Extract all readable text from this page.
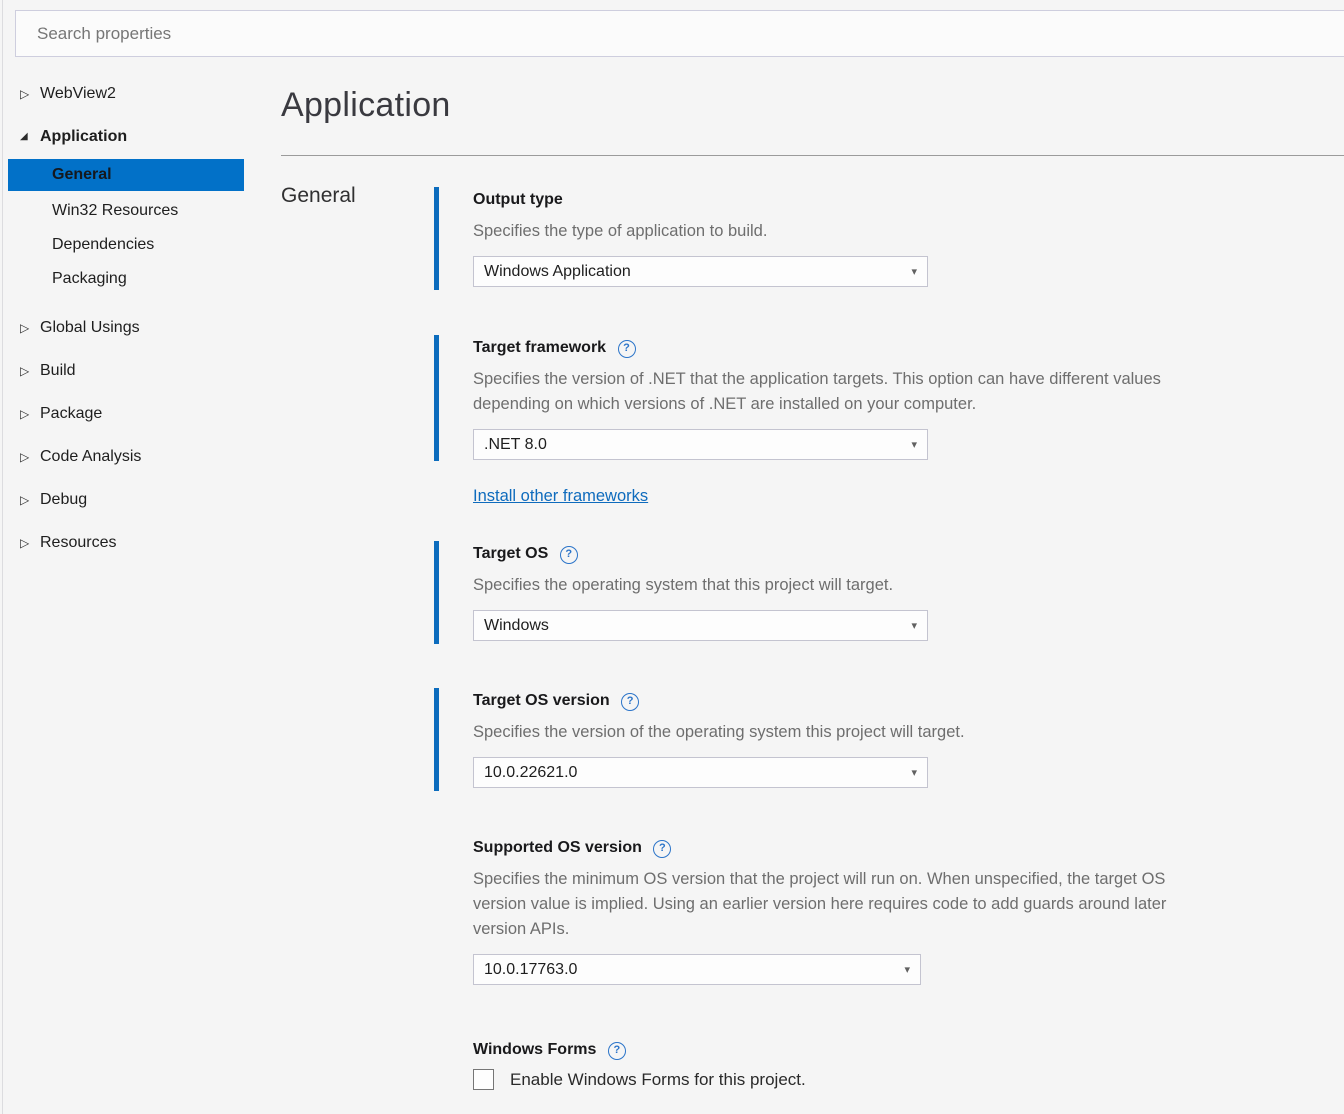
Search properties
▷ WebView2
◢ Application
General
Win32 Resources
Dependencies
Packaging
▷ Global Usings
▷ Build
▷ Package
▷ Code Analysis
▷ Debug
▷ Resources
Application
General	Output type
Specifies the type of application to build.
Windows Application	▾
Target framework ?
Specifies the version of .NET that the application targets. This option can have different values
depending on which versions of .NET are installed on your computer.
.NET 8.0	▾
Install other frameworks
Target OS ?
Specifies the operating system that this project will target.
Windows	▾
Target OS version ?
Specifies the version of the operating system this project will target.
10.0.22621.0	▾
Supported OS version ?
Specifies the minimum OS version that the project will run on. When unspecified, the target OS
version value is implied. Using an earlier version here requires code to add guards around later
version APIs.
10.0.17763.0	▾
Windows Forms ?
Enable Windows Forms for this project.
